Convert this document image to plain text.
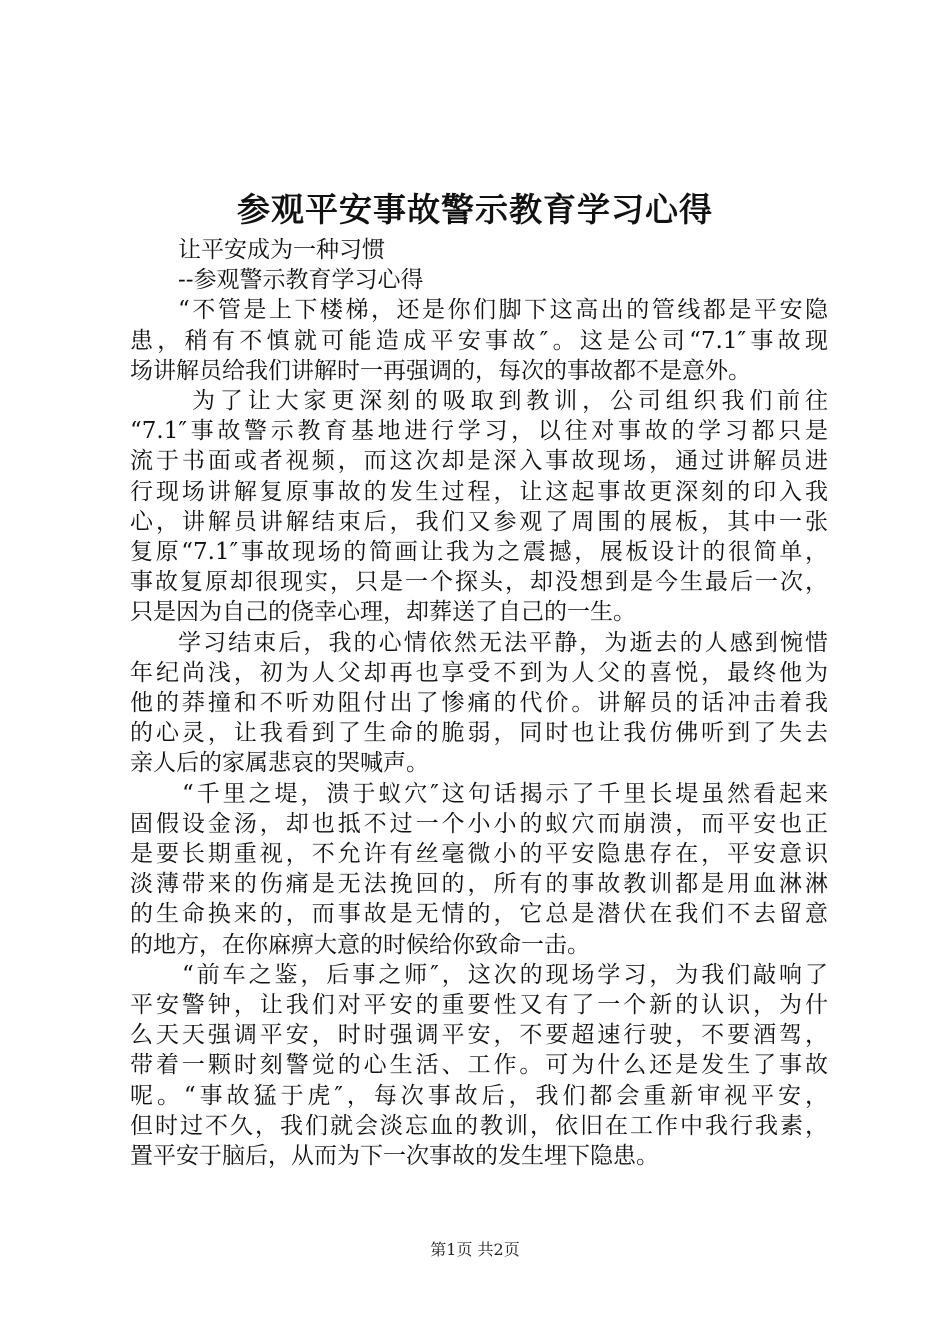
参观平安事故警示教育学习心得
让平安成为一种习惯
--参观警示教育学习心得
“不管是上下楼梯，还是你们脚下这高出的管线都是平安隐
患，稍有不慎就可能造成平安事故″。这是公司“7.1″事故现
场讲解员给我们讲解时一再强调的，每次的事故都不是意外。
为了让大家更深刻的吸取到教训，公司组织我们前往
“7.1″事故警示教育基地进行学习，以往对事故的学习都只是
流于书面或者视频，而这次却是深入事故现场，通过讲解员进
行现场讲解复原事故的发生过程，让这起事故更深刻的印入我
心，讲解员讲解结束后，我们又参观了周围的展板，其中一张
复原“7.1″事故现场的简画让我为之震撼，展板设计的很简单，
事故复原却很现实，只是一个探头，却没想到是今生最后一次，
只是因为自己的侥幸心理，却葬送了自己的一生。
学习结束后，我的心情依然无法平静，为逝去的人感到惋惜
年纪尚浅，初为人父却再也享受不到为人父的喜悦，最终他为
他的莽撞和不听劝阻付出了惨痛的代价。讲解员的话冲击着我
的心灵，让我看到了生命的脆弱，同时也让我仿佛听到了失去
亲人后的家属悲哀的哭喊声。
“千里之堤，溃于蚁穴″这句话揭示了千里长堤虽然看起来
固假设金汤，却也抵不过一个小小的蚁穴而崩溃，而平安也正
是要长期重视，不允许有丝毫微小的平安隐患存在，平安意识
淡薄带来的伤痛是无法挽回的，所有的事故教训都是用血淋淋
的生命换来的，而事故是无情的，它总是潜伏在我们不去留意
的地方，在你麻痹大意的时候给你致命一击。
“前车之鉴，后事之师″，这次的现场学习，为我们敲响了
平安警钟，让我们对平安的重要性又有了一个新的认识，为什
么天天强调平安，时时强调平安，不要超速行驶，不要酒驾，
带着一颗时刻警觉的心生活、工作。可为什么还是发生了事故
呢。“事故猛于虎″，每次事故后，我们都会重新审视平安，
但时过不久，我们就会淡忘血的教训，依旧在工作中我行我素，
置平安于脑后，从而为下一次事故的发生埋下隐患。
第1页 共2页
